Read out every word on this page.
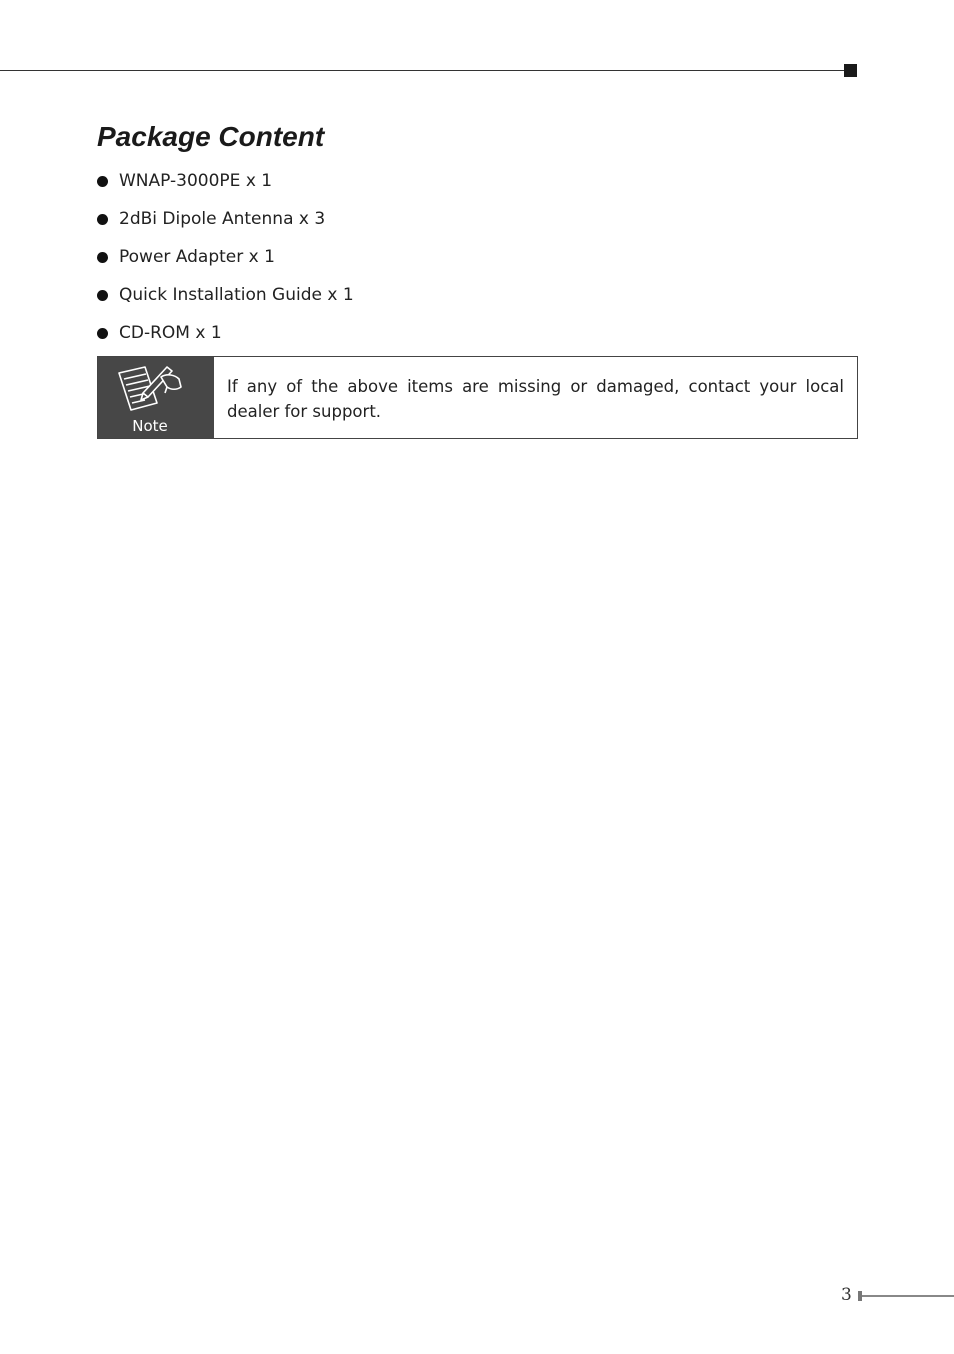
Package Content
WNAP-3000PE x 1
2dBi Dipole Antenna x 3
Power Adapter x 1
Quick Installation Guide x 1
CD-ROM x 1
Note
If any of the above items are missing or damaged, contact your local dealer for support.
3
